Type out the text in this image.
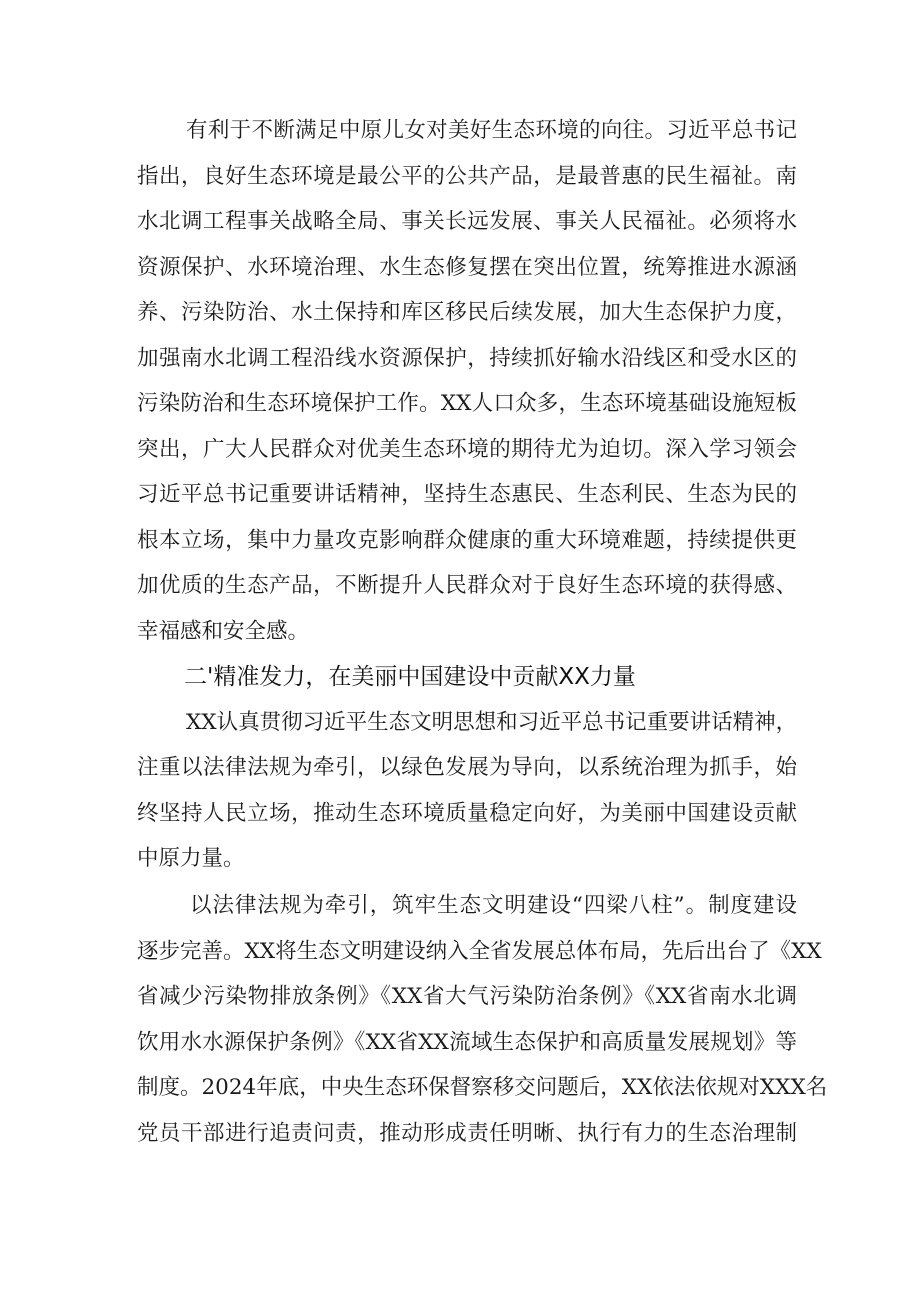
有利于不断满足中原儿女对美好生态环境的向往。习近平总书记
指出，良好生态环境是最公平的公共产品，是最普惠的民生福祉。南
水北调工程事关战略全局、事关长远发展、事关人民福祉。必须将水
资源保护、水环境治理、水生态修复摆在突出位置，统筹推进水源涵
养、污染防治、水土保持和库区移民后续发展，加大生态保护力度，
加强南水北调工程沿线水资源保护，持续抓好输水沿线区和受水区的
污染防治和生态环境保护工作。XX人口众多，生态环境基础设施短板
突出，广大人民群众对优美生态环境的期待尤为迫切。深入学习领会
习近平总书记重要讲话精神，坚持生态惠民、生态利民、生态为民的
根本立场，集中力量攻克影响群众健康的重大环境难题，持续提供更
加优质的生态产品，不断提升人民群众对于良好生态环境的获得感、
幸福感和安全感。
二'精准发力，在美丽中国建设中贡献XX力量
XX认真贯彻习近平生态文明思想和习近平总书记重要讲话精神，
注重以法律法规为牵引，以绿色发展为导向，以系统治理为抓手，始
终坚持人民立场，推动生态环境质量稳定向好，为美丽中国建设贡献
中原力量。
以法律法规为牵引，筑牢生态文明建设“四梁八柱”。制度建设
逐步完善。XX将生态文明建设纳入全省发展总体布局，先后出台了《XX
省减少污染物排放条例》《XX省大气污染防治条例》《XX省南水北调
饮用水水源保护条例》《XX省XX流域生态保护和高质量发展规划》等
制度。2024年底，中央生态环保督察移交问题后，XX依法依规对XXX名
党员干部进行追责问责，推动形成责任明晰、执行有力的生态治理制
